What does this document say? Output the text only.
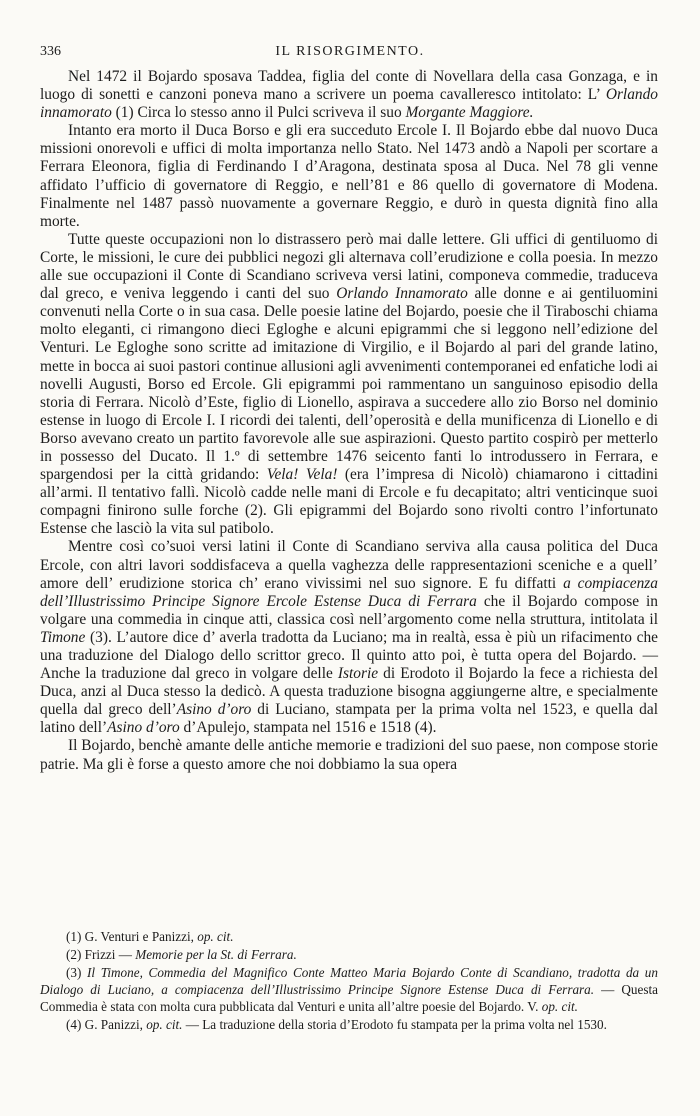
336	IL RISORGIMENTO.

Nel 1472 il Bojardo sposava Taddea, figlia del conte di Novellara della casa Gonzaga, e in luogo di sonetti e canzoni poneva mano a scrivere un poema cavalleresco intitolato: L’ Orlando innamorato (1) Circa lo stesso anno il Pulci scriveva il suo Morgante Maggiore.

Intanto era morto il Duca Borso e gli era succeduto Ercole I. Il Bojardo ebbe dal nuovo Duca missioni onorevoli e uffici di molta importanza nello Stato. Nel 1473 andò a Napoli per scortare a Ferrara Eleonora, figlia di Ferdinando I d’Aragona, destinata sposa al Duca. Nel 78 gli venne affidato l’ufficio di governatore di Reggio, e nell’81 e 86 quello di governatore di Modena. Finalmente nel 1487 passò nuovamente a governare Reggio, e durò in questa dignità fino alla morte.

Tutte queste occupazioni non lo distrassero però mai dalle lettere. Gli uffici di gentiluomo di Corte, le missioni, le cure dei pubblici negozi gli alternava coll’erudizione e colla poesia. In mezzo alle sue occupazioni il Conte di Scandiano scriveva versi latini, componeva commedie, traduceva dal greco, e veniva leggendo i canti del suo Orlando Innamorato alle donne e ai gentiluomini convenuti nella Corte o in sua casa. Delle poesie latine del Bojardo, poesie che il Tiraboschi chiama molto eleganti, ci rimangono dieci Egloghe e alcuni epigrammi che si leggono nell’edizione del Venturi. Le Egloghe sono scritte ad imitazione di Virgilio, e il Bojardo al pari del grande latino, mette in bocca ai suoi pastori continue allusioni agli avvenimenti contemporanei ed enfatiche lodi ai novelli Augusti, Borso ed Ercole. Gli epigrammi poi rammentano un sanguinoso episodio della storia di Ferrara. Nicolò d’Este, figlio di Lionello, aspirava a succedere allo zio Borso nel dominio estense in luogo di Ercole I. I ricordi dei talenti, dell’operosità e della munificenza di Lionello e di Borso avevano creato un partito favorevole alle sue aspirazioni. Questo partito cospirò per metterlo in possesso del Ducato. Il 1.º di settembre 1476 seicento fanti lo introdussero in Ferrara, e spargendosi per la città gridando: Vela! Vela! (era l’impresa di Nicolò) chiamarono i cittadini all’armi. Il tentativo fallì. Nicolò cadde nelle mani di Ercole e fu decapitato; altri venticinque suoi compagni finirono sulle forche (2). Gli epigrammi del Bojardo sono rivolti contro l’infortunato Estense che lasciò la vita sul patibolo.

Mentre così co’suoi versi latini il Conte di Scandiano serviva alla causa politica del Duca Ercole, con altri lavori soddisfaceva a quella vaghezza delle rappresentazioni sceniche e a quell’ amore dell’ erudizione storica ch’ erano vivissimi nel suo signore. E fu diffatti a compiacenza dell’Illustrissimo Principe Signore Ercole Estense Duca di Ferrara che il Bojardo compose in volgare una commedia in cinque atti, classica così nell’argomento come nella struttura, intitolata il Timone (3). L’autore dice d’ averla tradotta da Luciano; ma in realtà, essa è più un rifacimento che una traduzione del Dialogo dello scrittor greco. Il quinto atto poi, è tutta opera del Bojardo. — Anche la traduzione dal greco in volgare delle Istorie di Erodoto il Bojardo la fece a richiesta del Duca, anzi al Duca stesso la dedicò. A questa traduzione bisogna aggiungerne altre, e specialmente quella dal greco dell’Asino d’oro di Luciano, stampata per la prima volta nel 1523, e quella dal latino dell’Asino d’oro d’Apulejo, stampata nel 1516 e 1518 (4).

Il Bojardo, benchè amante delle antiche memorie e tradizioni del suo paese, non compose storie patrie. Ma gli è forse a questo amore che noi dobbiamo la sua opera

(1) G. Venturi e Panizzi, op. cit.

(2) Frizzi — Memorie per la St. di Ferrara.

(3) Il Timone, Commedia del Magnifico Conte Matteo Maria Bojardo Conte di Scandiano, tradotta da un Dialogo di Luciano, a compiacenza dell’Illustrissimo Principe Signore Estense Duca di Ferrara. — Questa Commedia è stata con molta cura pubblicata dal Venturi e unita all’altre poesie del Bojardo. V. op. cit.

(4) G. Panizzi, op. cit. — La traduzione della storia d’Erodoto fu stampata per la prima volta nel 1530.
